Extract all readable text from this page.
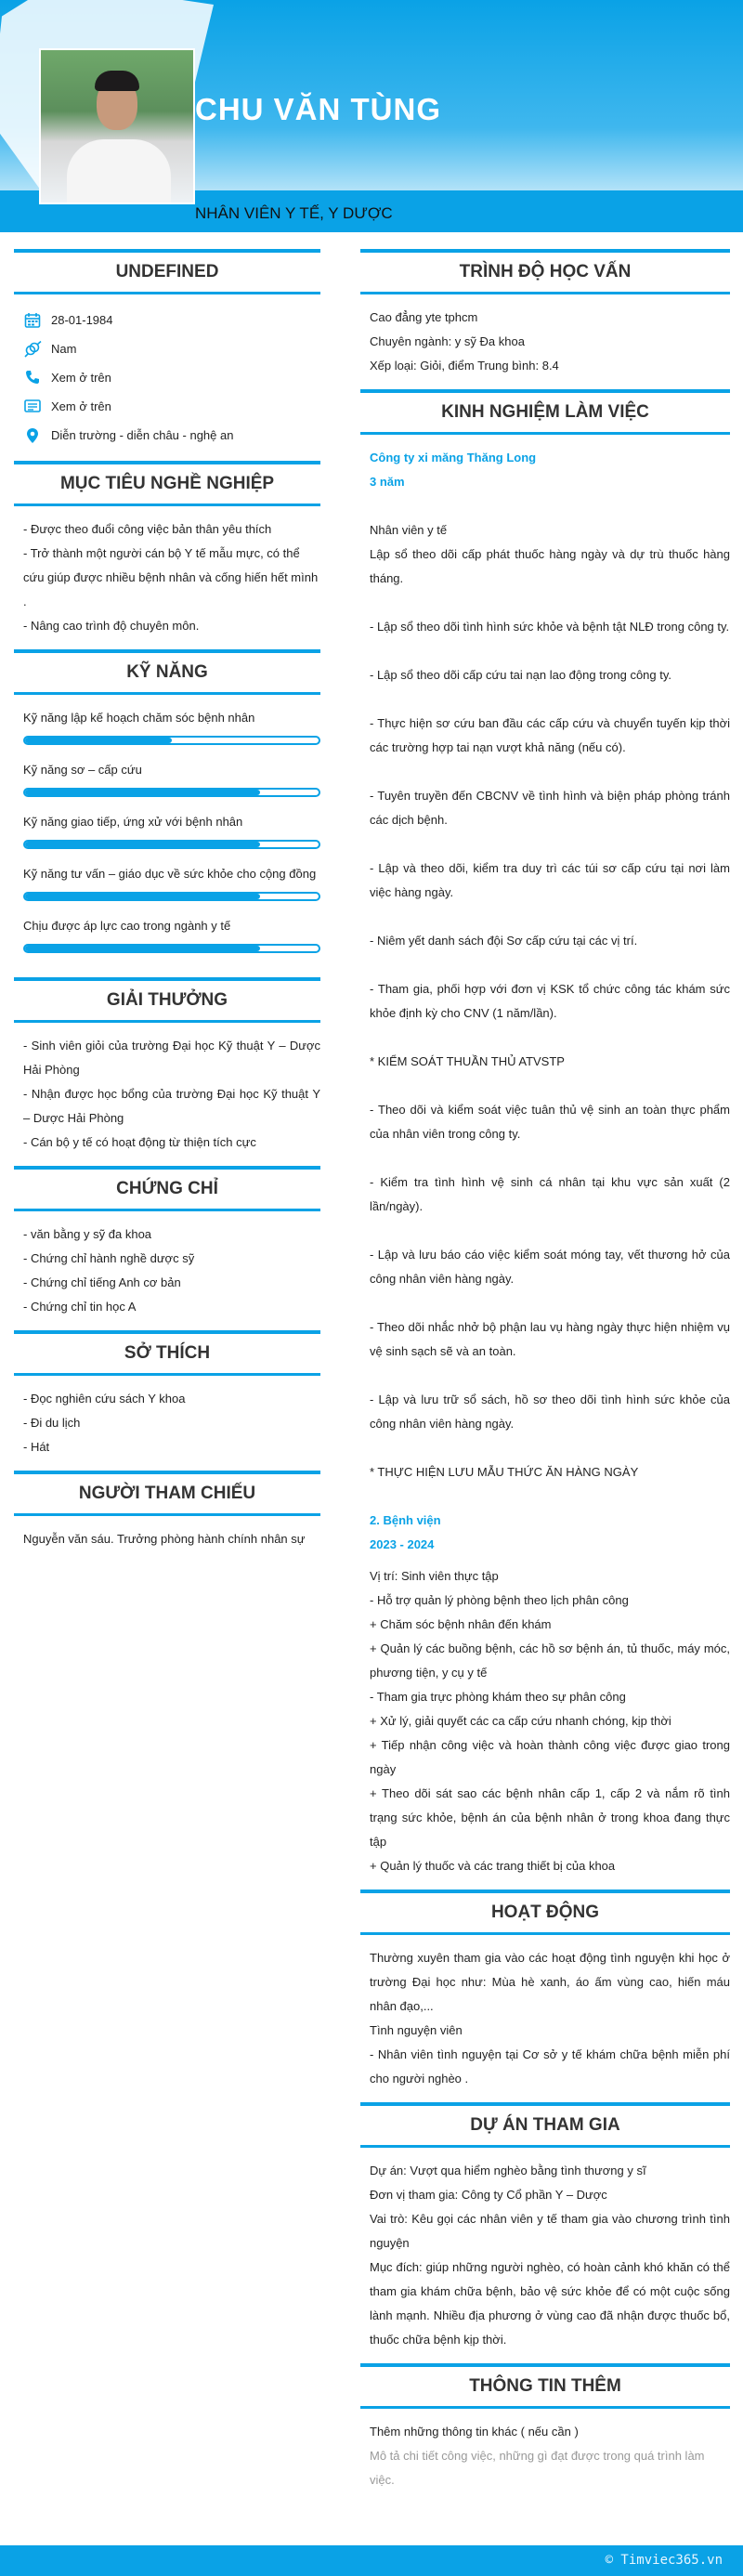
CHU VĂN TÙNG
NHÂN VIÊN Y TẾ, Y DƯỢC
UNDEFINED
28-01-1984
Nam
Xem ở trên
Xem ở trên
Diễn trường - diễn châu - nghệ an
MỤC TIÊU NGHỀ NGHIỆP
- Được theo đuổi công việc bản thân yêu thích
- Trở thành một người cán bộ Y tế mẫu mực, có thể cứu giúp được nhiều bệnh nhân và cống hiến hết mình .
- Nâng cao trình độ chuyên môn.
KỸ NĂNG
Kỹ năng lập kế hoạch chăm sóc bệnh nhân
Kỹ năng sơ – cấp cứu
Kỹ năng giao tiếp, ứng xử với bệnh nhân
Kỹ năng tư vấn – giáo dục về sức khỏe cho cộng đồng
Chịu được áp lực cao trong ngành y tế
GIẢI THƯỞNG
- Sinh viên giỏi của trường Đại học Kỹ thuật Y – Dược Hải Phòng
- Nhận được học bổng của trường Đại học Kỹ thuật Y – Dược Hải Phòng
- Cán bộ y tế có hoạt động từ thiện tích cực
CHỨNG CHỈ
- văn bằng y sỹ đa khoa
- Chứng chỉ hành nghề dược sỹ
- Chứng chỉ tiếng Anh cơ bản
- Chứng chỉ tin học A
SỞ THÍCH
- Đọc nghiên cứu sách Y khoa
- Đi du lịch
- Hát
NGƯỜI THAM CHIẾU
Nguyễn văn sáu. Trưởng phòng hành chính nhân sự
TRÌNH ĐỘ HỌC VẤN
Cao đẳng yte tphcm
Chuyên ngành: y sỹ Đa khoa
Xếp loại: Giỏi, điểm Trung bình: 8.4
KINH NGHIỆM LÀM VIỆC
Công ty xi măng Thăng Long
3 năm
Nhân viên y tế
Lập sổ theo dõi cấp phát thuốc hàng ngày và dự trù thuốc hàng tháng.
- Lập sổ theo dõi tình hình sức khỏe và bệnh tật NLĐ trong công ty.
- Lập sổ theo dõi cấp cứu tai nạn lao động trong công ty.
- Thực hiện sơ cứu ban đầu các cấp cứu và chuyển tuyến kịp thời các trường hợp tai nạn vượt khả năng (nếu có).
- Tuyên truyền đến CBCNV về tình hình và biện pháp phòng tránh các dịch bệnh.
- Lập và theo dõi, kiểm tra duy trì các túi sơ cấp cứu tại nơi làm việc hàng ngày.
- Niêm yết danh sách đội Sơ cấp cứu tại các vị trí.
- Tham gia, phối hợp với đơn vị KSK tổ chức công tác khám sức khỏe định kỳ cho CNV (1 năm/lần).
* KIỂM SOÁT THUẦN THỦ ATVSTP
- Theo dõi và kiểm soát việc tuân thủ vệ sinh an toàn thực phẩm của nhân viên trong công ty.
- Kiểm tra tình hình vệ sinh cá nhân tại khu vực sản xuất (2 lần/ngày).
- Lập và lưu báo cáo việc kiểm soát móng tay, vết thương hở của công nhân viên hàng ngày.
- Theo dõi nhắc nhở bộ phận lau vụ hàng ngày thực hiện nhiệm vụ vệ sinh sạch sẽ và an toàn.
- Lập và lưu trữ sổ sách, hồ sơ theo dõi tình hình sức khỏe của công nhân viên hàng ngày.
* THỰC HIỆN LƯU MẪU THỨC ĂN HÀNG NGÀY
2. Bệnh viện
2023 - 2024
Vị trí: Sinh viên thực tập
- Hỗ trợ quản lý phòng bệnh theo lịch phân công
+ Chăm sóc bệnh nhân đến khám
+ Quản lý các buồng bệnh, các hồ sơ bệnh án, tủ thuốc, máy móc, phương tiện, y cụ y tế
- Tham gia trực phòng khám theo sự phân công
+ Xử lý, giải quyết các ca cấp cứu nhanh chóng, kịp thời
+ Tiếp nhận công việc và hoàn thành công việc được giao trong ngày
+ Theo dõi sát sao các bệnh nhân cấp 1, cấp 2 và nắm rõ tình trạng sức khỏe, bệnh án của bệnh nhân ở trong khoa đang thực tập
+ Quản lý thuốc và các trang thiết bị của khoa
HOẠT ĐỘNG
Thường xuyên tham gia vào các hoạt động tình nguyện khi học ở trường Đại học như: Mùa hè xanh, áo ấm vùng cao, hiến máu nhân đạo,...
Tình nguyện viên
- Nhân viên tình nguyện tại Cơ sở y tế khám chữa bệnh miễn phí cho người nghèo .
DỰ ÁN THAM GIA
Dự án: Vượt qua hiểm nghèo bằng tình thương y sĩ
Đơn vị tham gia: Công ty Cổ phần Y – Dược
Vai trò: Kêu gọi các nhân viên y tế tham gia vào chương trình tình nguyện
Mục đích: giúp những người nghèo, có hoàn cảnh khó khăn có thể tham gia khám chữa bệnh, bảo vệ sức khỏe để có một cuộc sống lành mạnh. Nhiều địa phương ở vùng cao đã nhận được thuốc bổ, thuốc chữa bệnh kịp thời.
THÔNG TIN THÊM
Thêm những thông tin khác ( nếu cần )
Mô tả chi tiết công việc, những gì đạt được trong quá trình làm việc.
© Timviec365.vn
